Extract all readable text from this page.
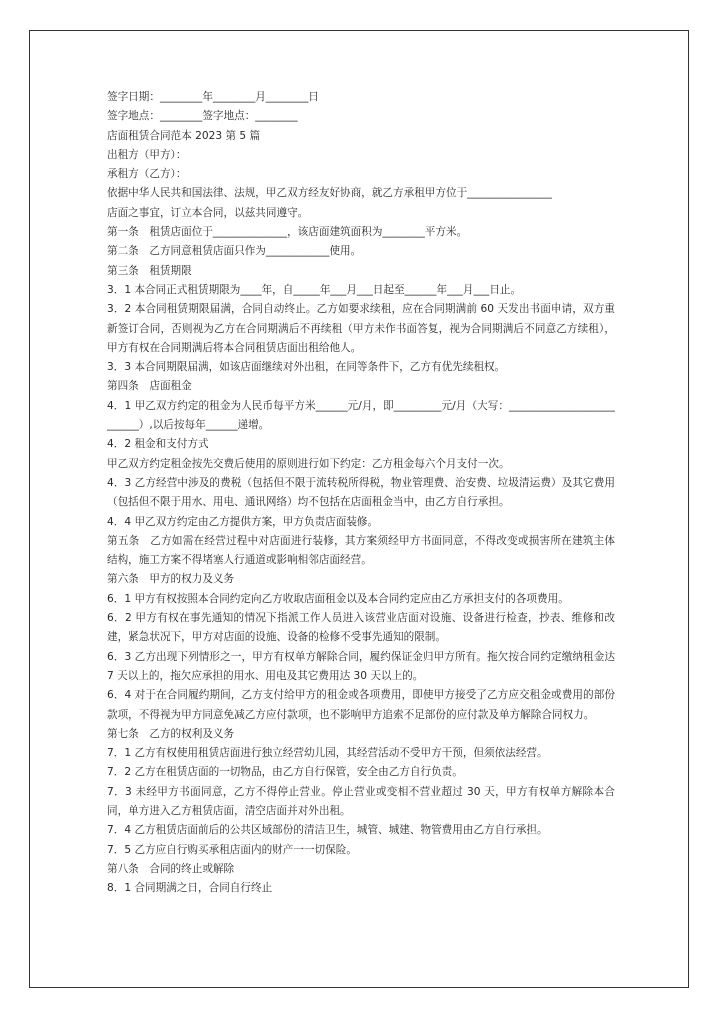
签字日期：________年________月________日

签字地点：________签字地点：________

店面租赁合同范本 2023 第 5 篇

出租方（甲方）：

承租方（乙方）：

依据中华人民共和国法律、法规，甲乙双方经友好协商，就乙方承租甲方位于________________

店面之事宜，订立本合同，以兹共同遵守。

第一条　租赁店面位于______________，该店面建筑面积为________平方米。

第二条　乙方同意租赁店面只作为____________使用。

第三条　租赁期限

3．1 本合同正式租赁期限为____年，自_____年___月___日起至______年___月___日止。

3．2 本合同租赁期限届满，合同自动终止。乙方如要求续租，应在合同期满前 60 天发出书面申请，双方重新签订合同，否则视为乙方在合同期满后不再续租（甲方未作书面答复，视为合同期满后不同意乙方续租），甲方有权在合同期满后将本合同租赁店面出租给他人。

3．3 本合同期限届满，如该店面继续对外出租，在同等条件下，乙方有优先续租权。

第四条　店面租金

4．1 甲乙双方约定的租金为人民币每平方米______元/月，即_________元/月（大写：__________________________）,以后按每年______递增。

4．2 租金和支付方式

甲乙双方约定租金按先交费后使用的原则进行如下约定：乙方租金每六个月支付一次。

4．3 乙方经营中涉及的费税（包括但不限于流转税所得税，物业管理费、治安费、垃圾清运费）及其它费用（包括但不限于用水、用电、通讯网络）均不包括在店面租金当中，由乙方自行承担。

4．4 甲乙双方约定由乙方提供方案，甲方负责店面装修。

第五条　乙方如需在经营过程中对店面进行装修，其方案须经甲方书面同意，不得改变或损害所在建筑主体结构，施工方案不得堵塞人行通道或影响相邻店面经营。

第六条　甲方的权力及义务

6．1 甲方有权按照本合同约定向乙方收取店面租金以及本合同约定应由乙方承担支付的各项费用。

6．2 甲方有权在事先通知的情况下指派工作人员进入该营业店面对设施、设备进行检查，抄表、维修和改建，紧急状况下，甲方对店面的设施、设备的检修不受事先通知的限制。

6．3 乙方出现下列情形之一，甲方有权单方解除合同，履约保证金归甲方所有。拖欠按合同约定缴纳租金达 7 天以上的，拖欠应承担的用水、用电及其它费用达 30 天以上的。

6．4 对于在合同履约期间，乙方支付给甲方的租金或各项费用，即使甲方接受了乙方应交租金或费用的部份款项，不得视为甲方同意免减乙方应付款项，也不影响甲方追索不足部份的应付款及单方解除合同权力。

第七条　乙方的权利及义务

7．1 乙方有权使用租赁店面进行独立经营幼儿园，其经营活动不受甲方干预，但须依法经营。

7．2 乙方在租赁店面的一切物品，由乙方自行保管，安全由乙方自行负责。

7．3 未经甲方书面同意，乙方不得停止营业。停止营业或变相不营业超过 30 天，甲方有权单方解除本合同，单方进入乙方租赁店面，清空店面并对外出租。

7．4 乙方租赁店面前后的公共区域部份的清洁卫生，城管、城建、物管费用由乙方自行承担。

7．5 乙方应自行购买承租店面内的财产一一切保险。

第八条　合同的终止或解除

8．1 合同期满之日，合同自行终止
